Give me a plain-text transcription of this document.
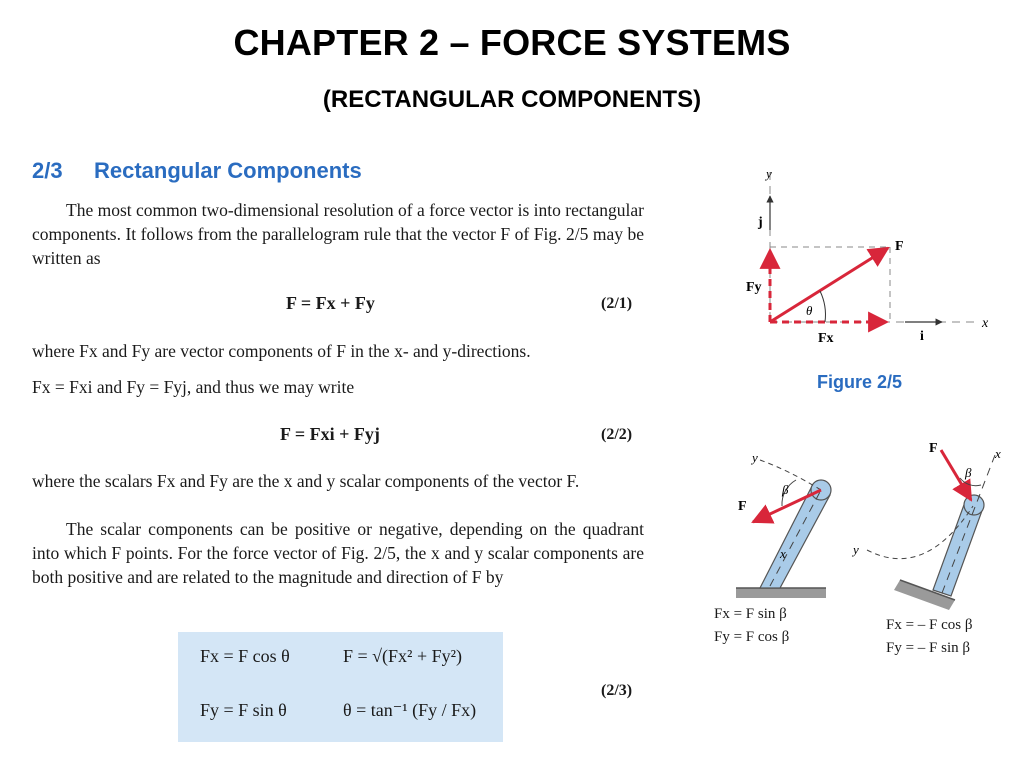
CHAPTER 2 – FORCE SYSTEMS
(RECTANGULAR COMPONENTS)
2/3 Rectangular Components
The most common two-dimensional resolution of a force vector is into rectangular components. It follows from the parallelogram rule that the vector F of Fig. 2/5 may be written as
F = Fx + Fy	(2/1)
where Fx and Fy are vector components of F in the x- and y-directions.
Fx = Fxi and Fy = Fyj, and thus we may write
F = Fxi + Fyj	(2/2)
where the scalars Fx and Fy are the x and y scalar components of the vector F.
The scalar components can be positive or negative, depending on the quadrant into which F points. For the force vector of Fig. 2/5, the x and y scalar components are both positive and are related to the magnitude and direction of F by
Fx = F cos θ	F = √(Fx² + Fy²)
Fy = F sin θ	θ = tan⁻¹ (Fy / Fx)
(2/3)
y
x
j
i
F
θ
Fy
Fx
Figure 2/5
y
x
F
β
Fx = F sin β
Fy = F cos β
F	x
y
β
Fx = – F cos β
Fy = – F sin β
